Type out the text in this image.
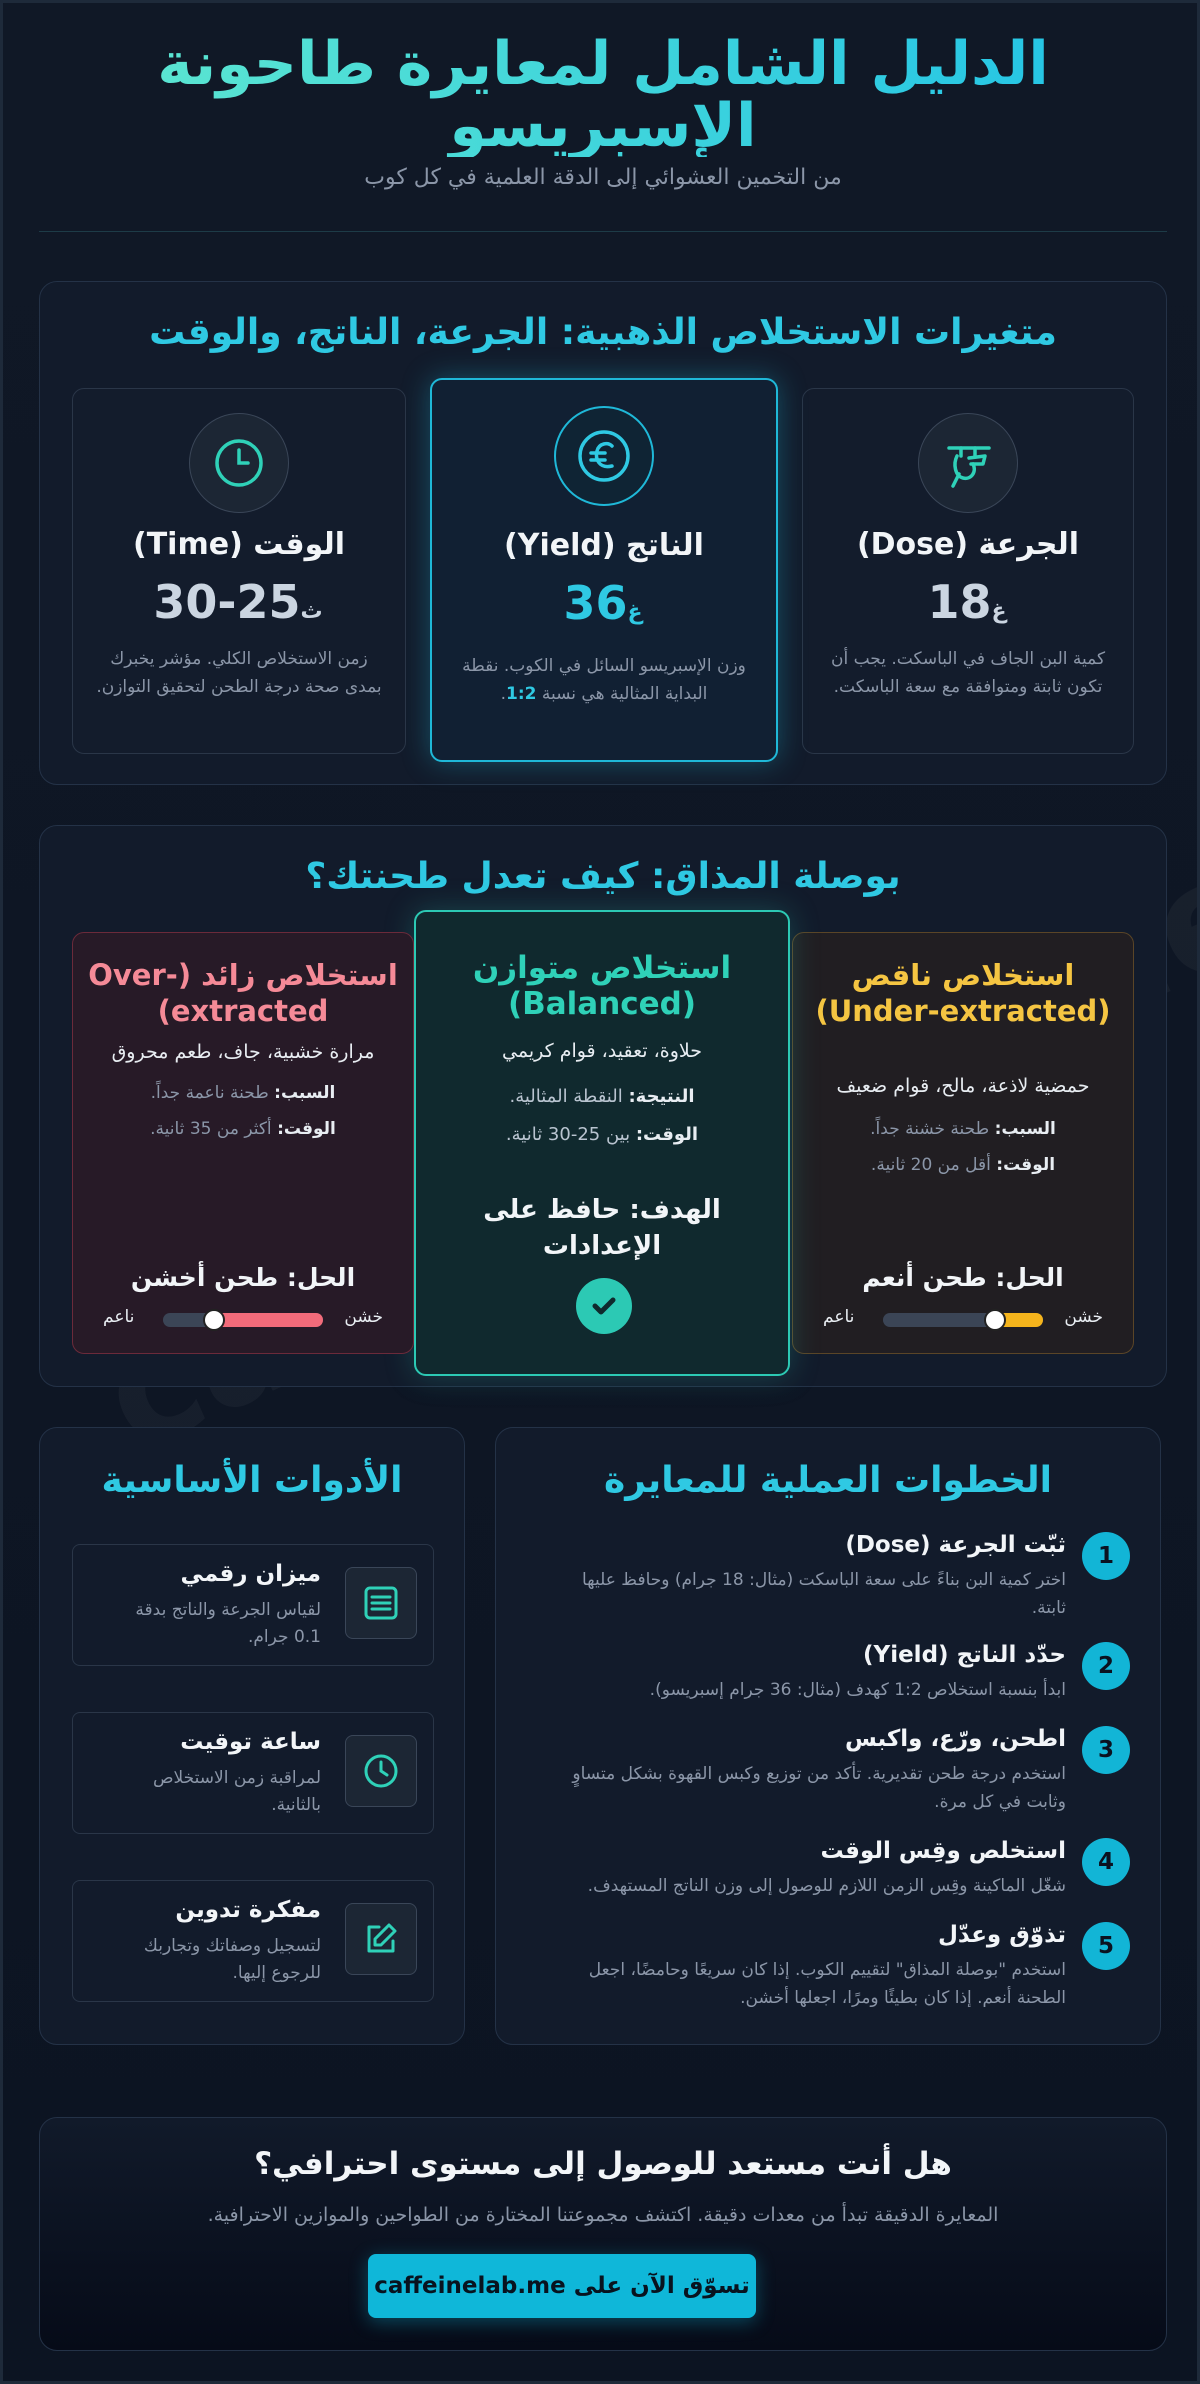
الدليل الشامل لمعايرة طاحونة الإسبريسو

من التخمين العشوائي إلى الدقة العلمية في كل كوب

متغيرات الاستخلاص الذهبية: الجرعة، الناتج، والوقت
الجرعة (Dose)
غ18
كمية البن الجاف في الباسكت. يجب أن تكون ثابتة ومتوافقة مع سعة الباسكت.
الناتج (Yield)
غ36
وزن الإسبريسو السائل في الكوب. نقطة البداية المثالية هي نسبة 1:2.
الوقت (Time)
ث25-30
زمن الاستخلاص الكلي. مؤشر يخبرك بمدى صحة درجة الطحن لتحقيق التوازن.
بوصلة المذاق: كيف تعدل طحنتك؟
استخلاص ناقص (Under-extracted)
حمضية لاذعة، مالح، قوام ضعيف
السبب: طحنة خشنة جداً.
الوقت: أقل من 20 ثانية.
الحل: طحن أنعم
خشن
ناعم
استخلاص متوازن (Balanced)
حلاوة، تعقيد، قوام كريمي
النتيجة: النقطة المثالية.
الوقت: بين 25-30 ثانية.
الهدف: حافظ على الإعدادات
استخلاص زائد (Over-extracted)
مرارة خشبية، جاف، طعم محروق
السبب: طحنة ناعمة جداً.
الوقت: أكثر من 35 ثانية.
الحل: طحن أخشن
خشن
ناعم
الخطوات العملية للمعايرة
1
ثبّت الجرعة (Dose)
اختر كمية البن بناءً على سعة الباسكت (مثال: 18 جرام) وحافظ عليها ثابتة.
2
حدّد الناتج (Yield)
ابدأ بنسبة استخلاص 1:2 كهدف (مثال: 36 جرام إسبريسو).
3
اطحن، ورّع، واكبس
استخدم درجة طحن تقديرية. تأكد من توزيع وكبس القهوة بشكل متساوٍ وثابت في كل مرة.
4
استخلص وقِس الوقت
شغّل الماكينة وقِس الزمن اللازم للوصول إلى وزن الناتج المستهدف.
5
تذوّق وعدّل
استخدم "بوصلة المذاق" لتقييم الكوب. إذا كان سريعًا وحامضًا، اجعل الطحنة أنعم. إذا كان بطيئًا ومرًا، اجعلها أخشن.
الأدوات الأساسية
ميزان رقمي
لقياس الجرعة والناتج بدقة 0.1 جرام.
ساعة توقيت
لمراقبة زمن الاستخلاص بالثانية.
مفكرة تدوين
لتسجيل وصفاتك وتجاربك للرجوع إليها.
هل أنت مستعد للوصول إلى مستوى احترافي؟

المعايرة الدقيقة تبدأ من معدات دقيقة. اكتشف مجموعتنا المختارة من الطواحين والموازين الاحترافية.

تسوّق الآن على caffeinelab.me
